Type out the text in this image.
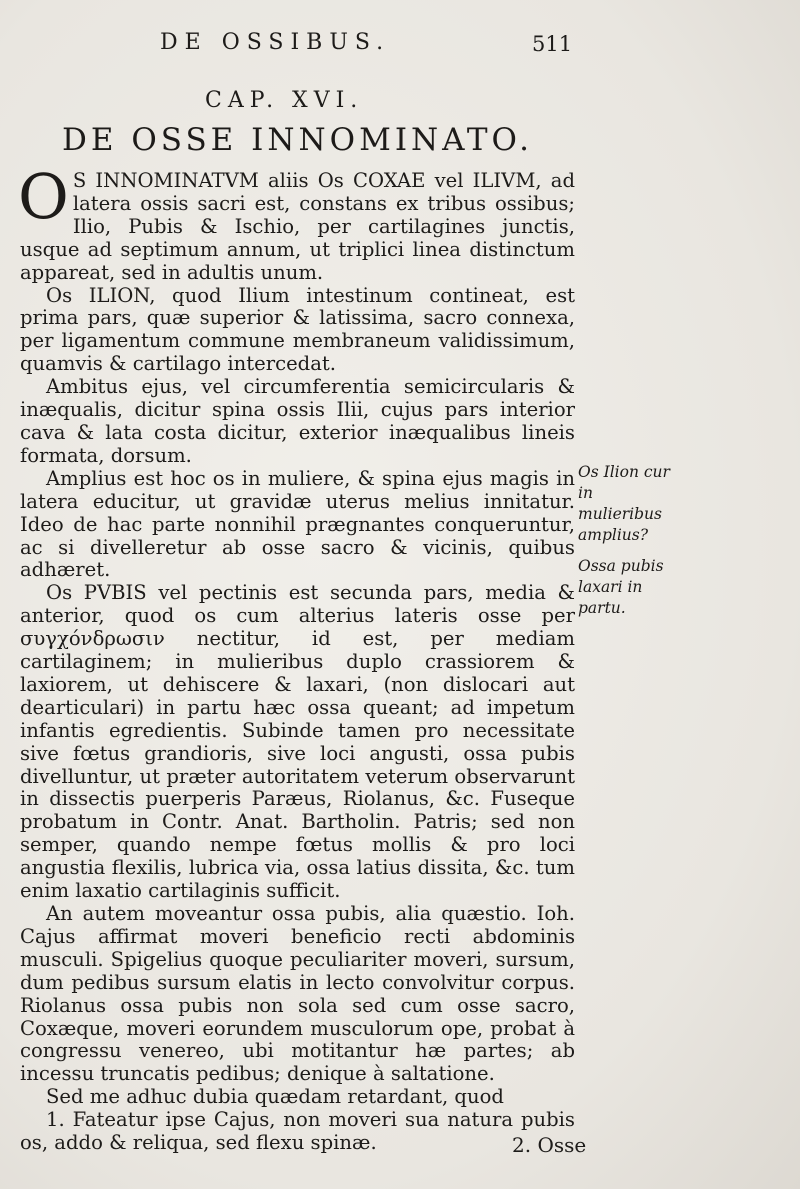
DE OSSIBUS.	511
CAP. XVI.
DE OSSE INNOMINATO.

O S INNOMINATVM aliis Os COXAE vel ILIVM, ad latera ossis sacri est, constans ex tribus ossibus; Ilio, Pubis & Ischio, per cartilagines junctis, usque ad septimum annum, ut triplici linea distinctum appareat, sed in adultis unum.

Os ILION, quod Ilium intestinum contineat, est prima pars, quæ superior & latissima, sacro connexa, per ligamentum commune membraneum validissimum, quamvis & cartilago intercedat.

Ambitus ejus, vel circumferentia semicircularis & inæqualis, dicitur spina ossis Ilii, cujus pars interior cava & lata costa dicitur, exterior inæqualibus lineis formata, dorsum.

Amplius est hoc os in muliere, & spina ejus magis in latera educitur, ut gravidæ uterus melius innitatur. Ideo de hac parte nonnihil prægnantes conqueruntur, ac si divelleretur ab osse sacro & vicinis, quibus adhæret.

Os PVBIS vel pectinis est secunda pars, media & anterior, quod os cum alterius lateris osse per συγχόνδρωσιν nectitur, id est, per mediam cartilaginem; in mulieribus duplo crassiorem & laxiorem, ut dehiscere & laxari, (non dislocari aut dearticulari) in partu hæc ossa queant; ad impetum infantis egredientis. Subinde tamen pro necessitate sive fœtus grandioris, sive loci angusti, ossa pubis divelluntur, ut præter autoritatem veterum observarunt in dissectis puerperis Paræus, Riolanus, &c. Fuseque probatum in Contr. Anat. Bartholin. Patris; sed non semper, quando nempe fœtus mollis & pro loci angustia flexilis, lubrica via, ossa latius dissita, &c. tum enim laxatio cartilaginis sufficit.

An autem moveantur ossa pubis, alia quæstio. Ioh. Cajus affirmat moveri beneficio recti abdominis musculi. Spigelius quoque peculiariter moveri, sursum, dum pedibus sursum elatis in lecto convolvitur corpus. Riolanus ossa pubis non sola sed cum osse sacro, Coxæque, moveri eorundem musculorum ope, probat à congressu venereo, ubi motitantur hæ partes; ab incessu truncatis pedibus; denique à saltatione.

Sed me adhuc dubia quædam retardant, quod

1. Fateatur ipse Cajus, non moveri sua natura pubis os, addo & reliqua, sed flexu spinæ.

Os Ilion cur in mulieribus amplius?
Ossa pubis laxari in partu.
2. Osse
